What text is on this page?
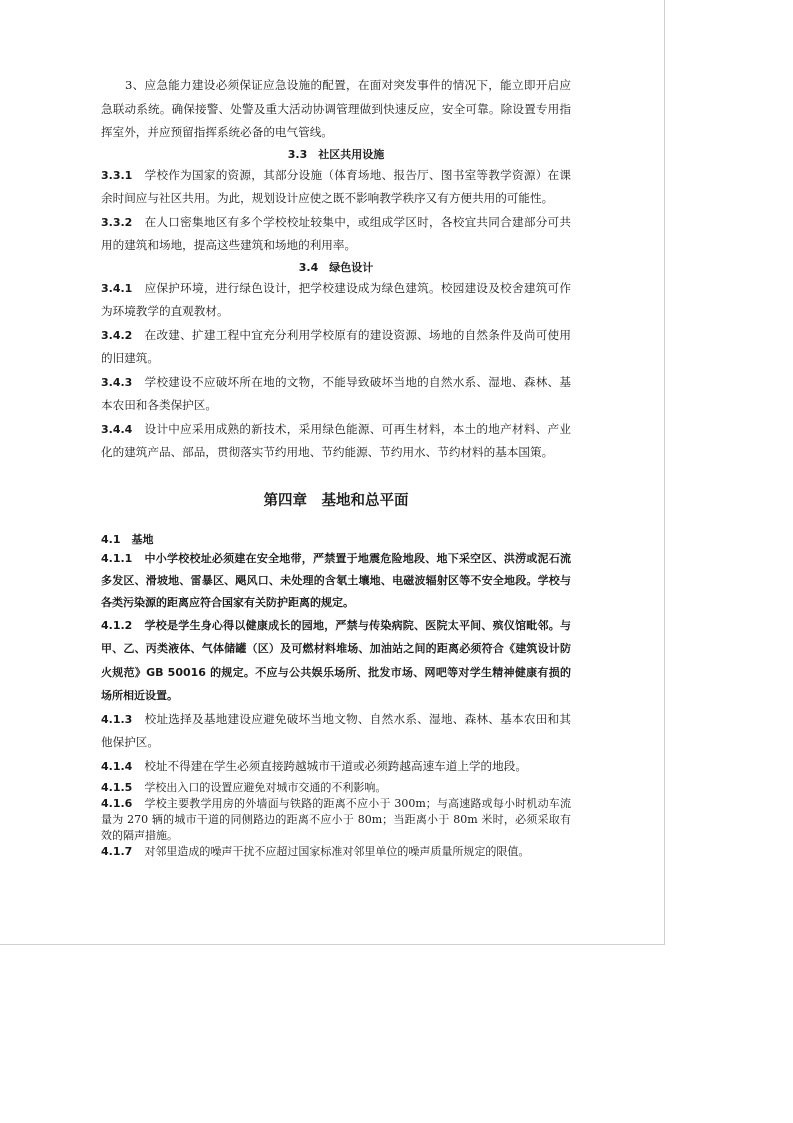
3、应急能力建设必须保证应急设施的配置，在面对突发事件的情况下，能立即开启应急联动系统。确保接警、处警及重大活动协调管理做到快速反应，安全可靠。除设置专用指挥室外，并应预留指挥系统必备的电气管线。

3.3　社区共用设施

3.3.1 学校作为国家的资源，其部分设施（体育场地、报告厅、图书室等教学资源）在课余时间应与社区共用。为此，规划设计应使之既不影响教学秩序又有方便共用的可能性。

3.3.2 在人口密集地区有多个学校校址较集中，或组成学区时，各校宜共同合建部分可共用的建筑和场地，提高这些建筑和场地的利用率。

3.4　绿色设计

3.4.1 应保护环境，进行绿色设计，把学校建设成为绿色建筑。校园建设及校舍建筑可作为环境教学的直观教材。

3.4.2 在改建、扩建工程中宜充分利用学校原有的建设资源、场地的自然条件及尚可使用的旧建筑。

3.4.3 学校建设不应破坏所在地的文物，不能导致破坏当地的自然水系、湿地、森林、基本农田和各类保护区。

3.4.4 设计中应采用成熟的新技术，采用绿色能源、可再生材料，本土的地产材料、产业化的建筑产品、部品，贯彻落实节约用地、节约能源、节约用水、节约材料的基本国策。

第四章　基地和总平面
4.1　基地

4.1.1 中小学校校址必须建在安全地带，严禁置于地震危险地段、地下采空区、洪涝或泥石流多发区、滑坡地、雷暴区、飓风口、未处理的含氡土壤地、电磁波辐射区等不安全地段。学校与各类污染源的距离应符合国家有关防护距离的规定。

4.1.2 学校是学生身心得以健康成长的园地，严禁与传染病院、医院太平间、殡仪馆毗邻。与甲、乙、丙类液体、气体储罐（区）及可燃材料堆场、加油站之间的距离必须符合《建筑设计防火规范》GB 50016 的规定。不应与公共娱乐场所、批发市场、网吧等对学生精神健康有损的场所相近设置。

4.1.3 校址选择及基地建设应避免破坏当地文物、自然水系、湿地、森林、基本农田和其他保护区。

4.1.4 校址不得建在学生必须直接跨越城市干道或必须跨越高速车道上学的地段。

4.1.5 学校出入口的设置应避免对城市交通的不利影响。

4.1.6 学校主要教学用房的外墙面与铁路的距离不应小于 300m；与高速路或每小时机动车流量为 270 辆的城市干道的同侧路边的距离不应小于 80m；当距离小于 80m 米时，必须采取有效的隔声措施。

4.1.7 对邻里造成的噪声干扰不应超过国家标准对邻里单位的噪声质量所规定的限值。
